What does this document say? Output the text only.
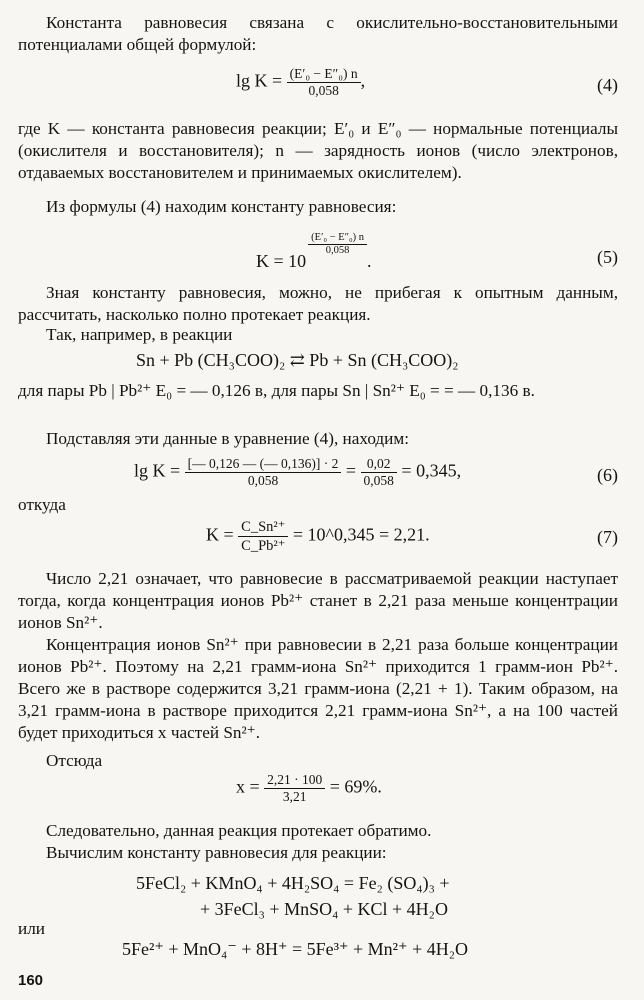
Константа равновесия связана с окислительно-восстановительными потенциалами общей формулой:
$\lg K = \frac{\text{(E′₀ − E″₀) n}}{0,058}$ ,	(4)
где K — константа равновесия реакции; E′₀ и E″₀ — нормальные потенциалы (окислителя и восстановителя); n — зарядность ионов (число электронов, отдаваемых восстановителем и принимаемых окислителем).
Из формулы (4) находим константу равновесия:
K = 10
$\frac{\text{(E′₀ − E″₀) n}}{0,058}$
.	(5)
Зная константу равновесия, можно, не прибегая к опытным данным, рассчитать, насколько полно протекает реакция.
Так, например, в реакции
Sn + Pb (CH₃COO)₂ ⇄ Pb + Sn (CH₃COO)₂
для пары Pb | Pb²⁺ E₀ = — 0,126 в, для пары Sn | Sn²⁺ E₀ = = — 0,136 в.
Подставляя эти данные в уравнение (4), находим:
$\lg K = \frac{[— 0,126 — (— 0,136)] \cdot 2}{0,058} = \frac{0,02}{0,058} = 0,345$,	(6)
откуда
$K = \frac{\text{C\_Sn²⁺}}{\text{C\_Pb²⁺}}$ = 10^0,345 = 2,21.	(7)
Число 2,21 означает, что равновесие в рассматриваемой реакции наступает тогда, когда концентрация ионов Pb²⁺ станет в 2,21 раза меньше концентрации ионов Sn²⁺.
Концентрация ионов Sn²⁺ при равновесии в 2,21 раза больше концентрации ионов Pb²⁺. Поэтому на 2,21 грамм-иона Sn²⁺ приходится 1 грамм-ион Pb²⁺. Всего же в растворе содержится 3,21 грамм-иона (2,21 + 1). Таким образом, на 3,21 грамм-иона в растворе приходится 2,21 грамм-иона Sn²⁺, а на 100 частей будет приходиться x частей Sn²⁺.
Отсюда
$x = \frac{2,21 \cdot 100}{3,21} = 69\%$.
Следовательно, данная реакция протекает обратимо.
Вычислим константу равновесия для реакции:
5FeCl₂ + KMnO₄ + 4H₂SO₄ = Fe₂ (SO₄)₃ +
+ 3FeCl₃ + MnSO₄ + KCl + 4H₂O
или
5Fe²⁺ + MnO₄⁻ + 8H⁺ = 5Fe³⁺ + Mn²⁺ + 4H₂O
160
